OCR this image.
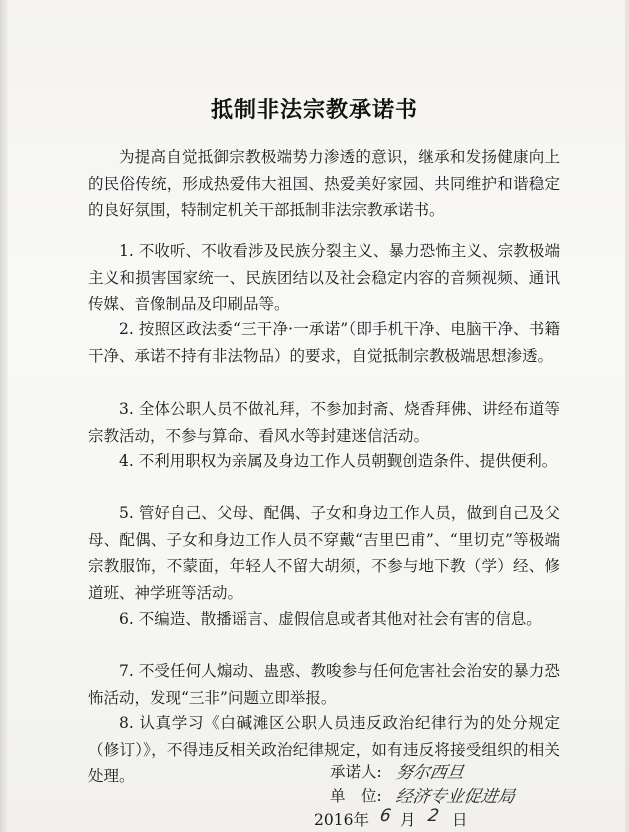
抵制非法宗教承诺书

为提高自觉抵御宗教极端势力渗透的意识，继承和发扬健康向上的民俗传统，形成热爱伟大祖国、热爱美好家园、共同维护和谐稳定的良好氛围，特制定机关干部抵制非法宗教承诺书。

1. 不收听、不收看涉及民族分裂主义、暴力恐怖主义、宗教极端主义和损害国家统一、民族团结以及社会稳定内容的音频视频、通讯传媒、音像制品及印刷品等。

2. 按照区政法委“三干净·一承诺”（即手机干净、电脑干净、书籍干净、承诺不持有非法物品）的要求，自觉抵制宗教极端思想渗透。

3. 全体公职人员不做礼拜，不参加封斋、烧香拜佛、讲经布道等宗教活动，不参与算命、看风水等封建迷信活动。

4. 不利用职权为亲属及身边工作人员朝觐创造条件、提供便利。

5. 管好自己、父母、配偶、子女和身边工作人员，做到自己及父母、配偶、子女和身边工作人员不穿戴“吉里巴甫”、“里切克”等极端宗教服饰，不蒙面，年轻人不留大胡须，不参与地下教（学）经、修道班、神学班等活动。

6. 不编造、散播谣言、虚假信息或者其他对社会有害的信息。

7. 不受任何人煽动、蛊惑、教唆参与任何危害社会治安的暴力恐怖活动，发现“三非”问题立即举报。

8. 认真学习《白碱滩区公职人员违反政治纪律行为的处分规定（修订）》，不得违反相关政治纪律规定，如有违反将接受组织的相关处理。	承诺人: 努尔西旦
单　位: 经济专业促进局
2016年 6 月 2 日
